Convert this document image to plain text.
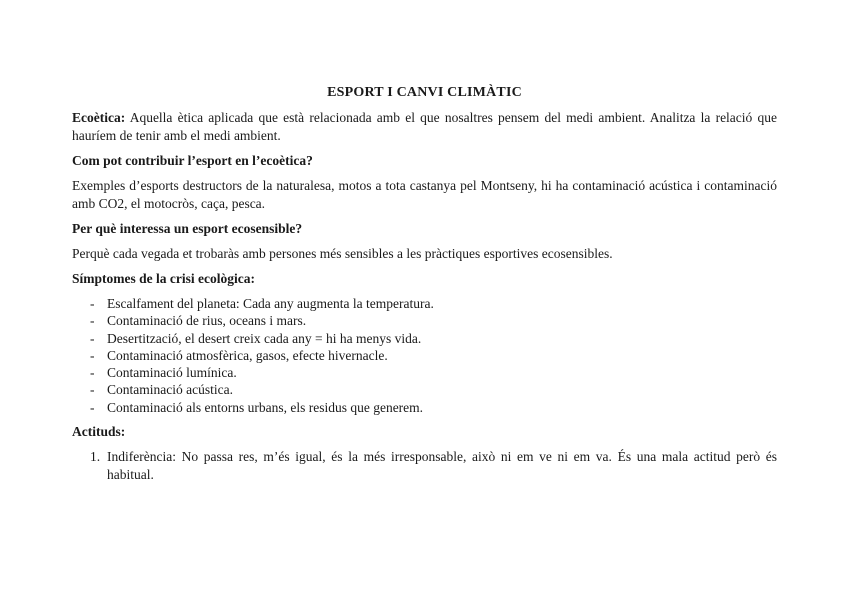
ESPORT I CANVI CLIMÀTIC

Ecoètica: Aquella ètica aplicada que està relacionada amb el que nosaltres pensem del medi ambient. Analitza la relació que hauríem de tenir amb el medi ambient.

Com pot contribuir l’esport en l’ecoètica?

Exemples d’esports destructors de la naturalesa, motos a tota castanya pel Montseny, hi ha contaminació acústica i contaminació amb CO2, el motocròs, caça, pesca.

Per què interessa un esport ecosensible?

Perquè cada vegada et trobaràs amb persones més sensibles a les pràctiques esportives ecosensibles.

Símptomes de la crisi ecològica:
- Escalfament del planeta: Cada any augmenta la temperatura.
- Contaminació de rius, oceans i mars.
- Desertització, el desert creix cada any = hi ha menys vida.
- Contaminació atmosfèrica, gasos, efecte hivernacle.
- Contaminació lumínica.
- Contaminació acústica.
- Contaminació als entorns urbans, els residus que generem.
Actituds:
1. Indiferència: No passa res, m’és igual, és la més irresponsable, això ni em ve ni em va. És una mala actitud però és habitual.
